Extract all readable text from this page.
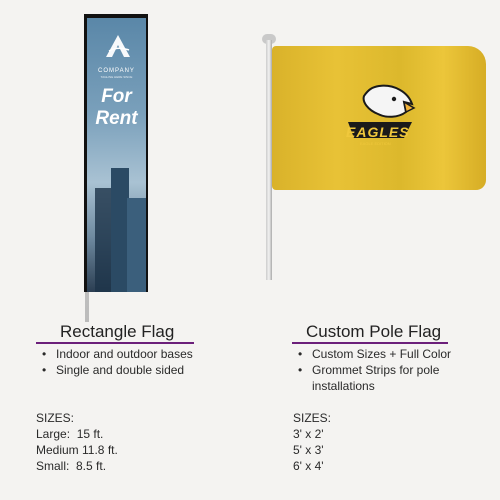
COMPANY
TAGLINE HERE SINCE
For
Rent
Rectangle Flag
• Indoor and outdoor bases
• Single and double sided
SIZES:
Large:  15 ft.
Medium 11.8 ft.
Small:  8.5 ft.
EAGLES
EAGLE EDITION
Custom Pole Flag
• Custom Sizes + Full Color
• Grommet Strips for pole installations
SIZES:
3' x 2'
5' x 3'
6' x 4'
